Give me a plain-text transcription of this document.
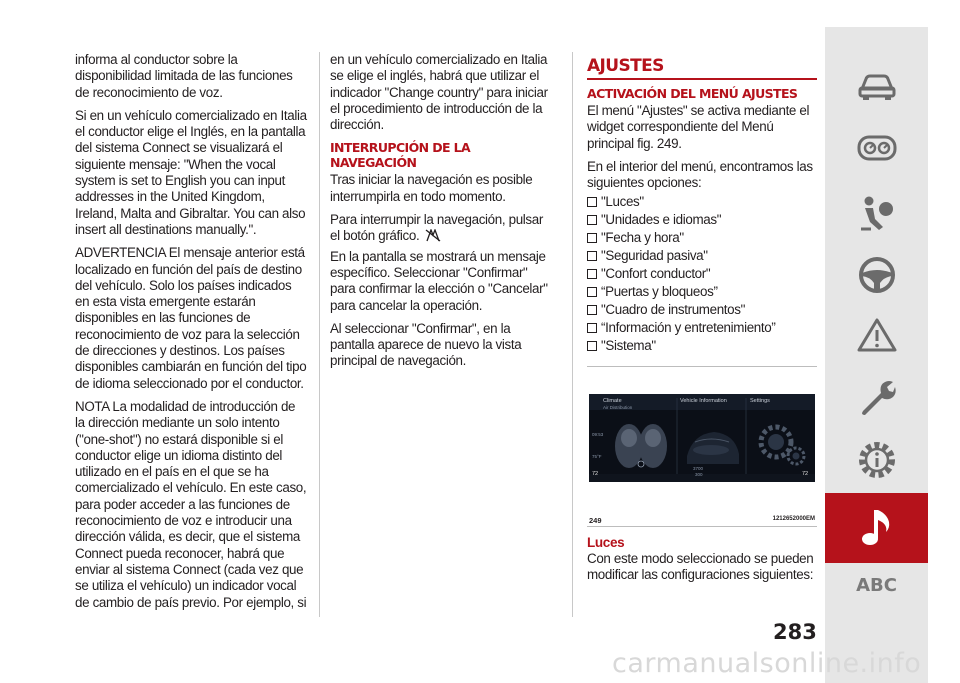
informa al conductor sobre la disponibilidad limitada de las funciones de reconocimiento de voz.

Si en un vehículo comercializado en Italia el conductor elige el Inglés, en la pantalla del sistema Connect se visualizará el siguiente mensaje: "When the vocal system is set to English you can input addresses in the United Kingdom, Ireland, Malta and Gibraltar. You can also insert all destinations manually.".

ADVERTENCIA El mensaje anterior está localizado en función del país de destino del vehículo. Solo los países indicados en esta vista emergente estarán disponibles en las funciones de reconocimiento de voz para la selección de direcciones y destinos. Los países disponibles cambiarán en función del tipo de idioma seleccionado por el conductor.

NOTA La modalidad de introducción de la dirección mediante un solo intento ("one-shot") no estará disponible si el conductor elige un idioma distinto del utilizado en el país en el que se ha comercializado el vehículo. En este caso, para poder acceder a las funciones de reconocimiento de voz e introducir una dirección válida, es decir, que el sistema Connect pueda reconocer, habrá que enviar al sistema Connect (cada vez que se utiliza el vehículo) un indicador vocal de cambio de país previo. Por ejemplo, si

en un vehículo comercializado en Italia se elige el inglés, habrá que utilizar el indicador "Change country" para iniciar el procedimiento de introducción de la dirección.

INTERRUPCIÓN DE LA NAVEGACIÓN

Tras iniciar la navegación es posible interrumpirla en todo momento.

Para interrumpir la navegación, pulsar el botón gráfico.

En la pantalla se mostrará un mensaje específico. Seleccionar "Confirmar" para confirmar la elección o "Cancelar" para cancelar la operación.

Al seleccionar "Confirmar", en la pantalla aparece de nuevo la vista principal de navegación.

AJUSTES
ACTIVACIÓN DEL MENÚ AJUSTES

El menú "Ajustes" se activa mediante el widget correspondiente del Menú principal fig. 249.

En el interior del menú, encontramos las siguientes opciones:

"Luces"
"Unidades e idiomas"
"Fecha y hora"
"Seguridad pasiva"
"Confort conductor"
“Puertas y bloqueos”
"Cuadro de instrumentos"
“Información y entretenimiento”
"Sistema"
Climate
Air Distribution
Vehicle Information	Settings
09:53
75°F
72	72
3700
300
249	1212652000EM
Luces

Con este modo seleccionado se pueden modificar las configuraciones siguientes:

ABC
283
carmanualsonline.info
